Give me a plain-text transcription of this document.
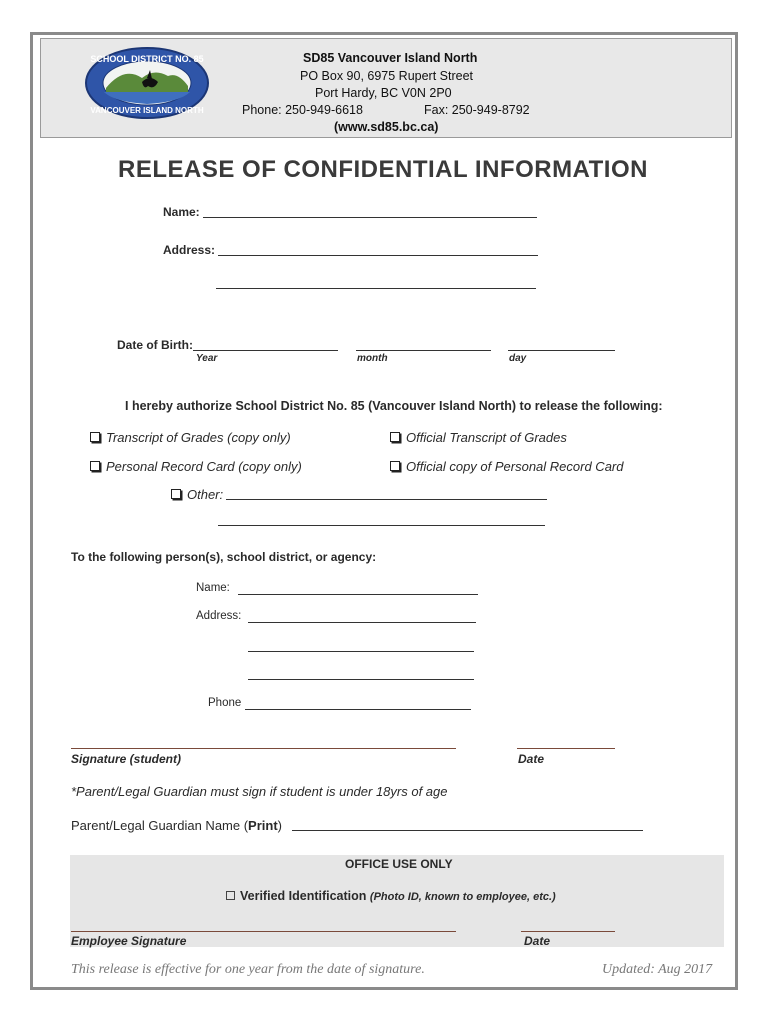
SCHOOL DISTRICT NO. 85
VANCOUVER ISLAND NORTH
SD85 Vancouver Island North
PO Box 90, 6975 Rupert Street
Port Hardy, BC V0N 2P0
Phone: 250-949-6618	Fax: 250-949-8792
(www.sd85.bc.ca)
RELEASE OF CONFIDENTIAL INFORMATION
Name:
Address:
Date of Birth:
Year	month	day
I hereby authorize School District No. 85 (Vancouver Island North) to release the following:
Transcript of Grades (copy only)	Official Transcript of Grades
Personal Record Card (copy only)	Official copy of Personal Record Card
Other:
To the following person(s), school district, or agency:
Name:
Address:
Phone
Signature (student)	Date
*Parent/Legal Guardian must sign if student is under 18yrs of age
Parent/Legal Guardian Name (Print)
OFFICE USE ONLY
Verified Identification (Photo ID, known to employee, etc.)
Employee Signature	Date
This release is effective for one year from the date of signature.	Updated: Aug 2017
